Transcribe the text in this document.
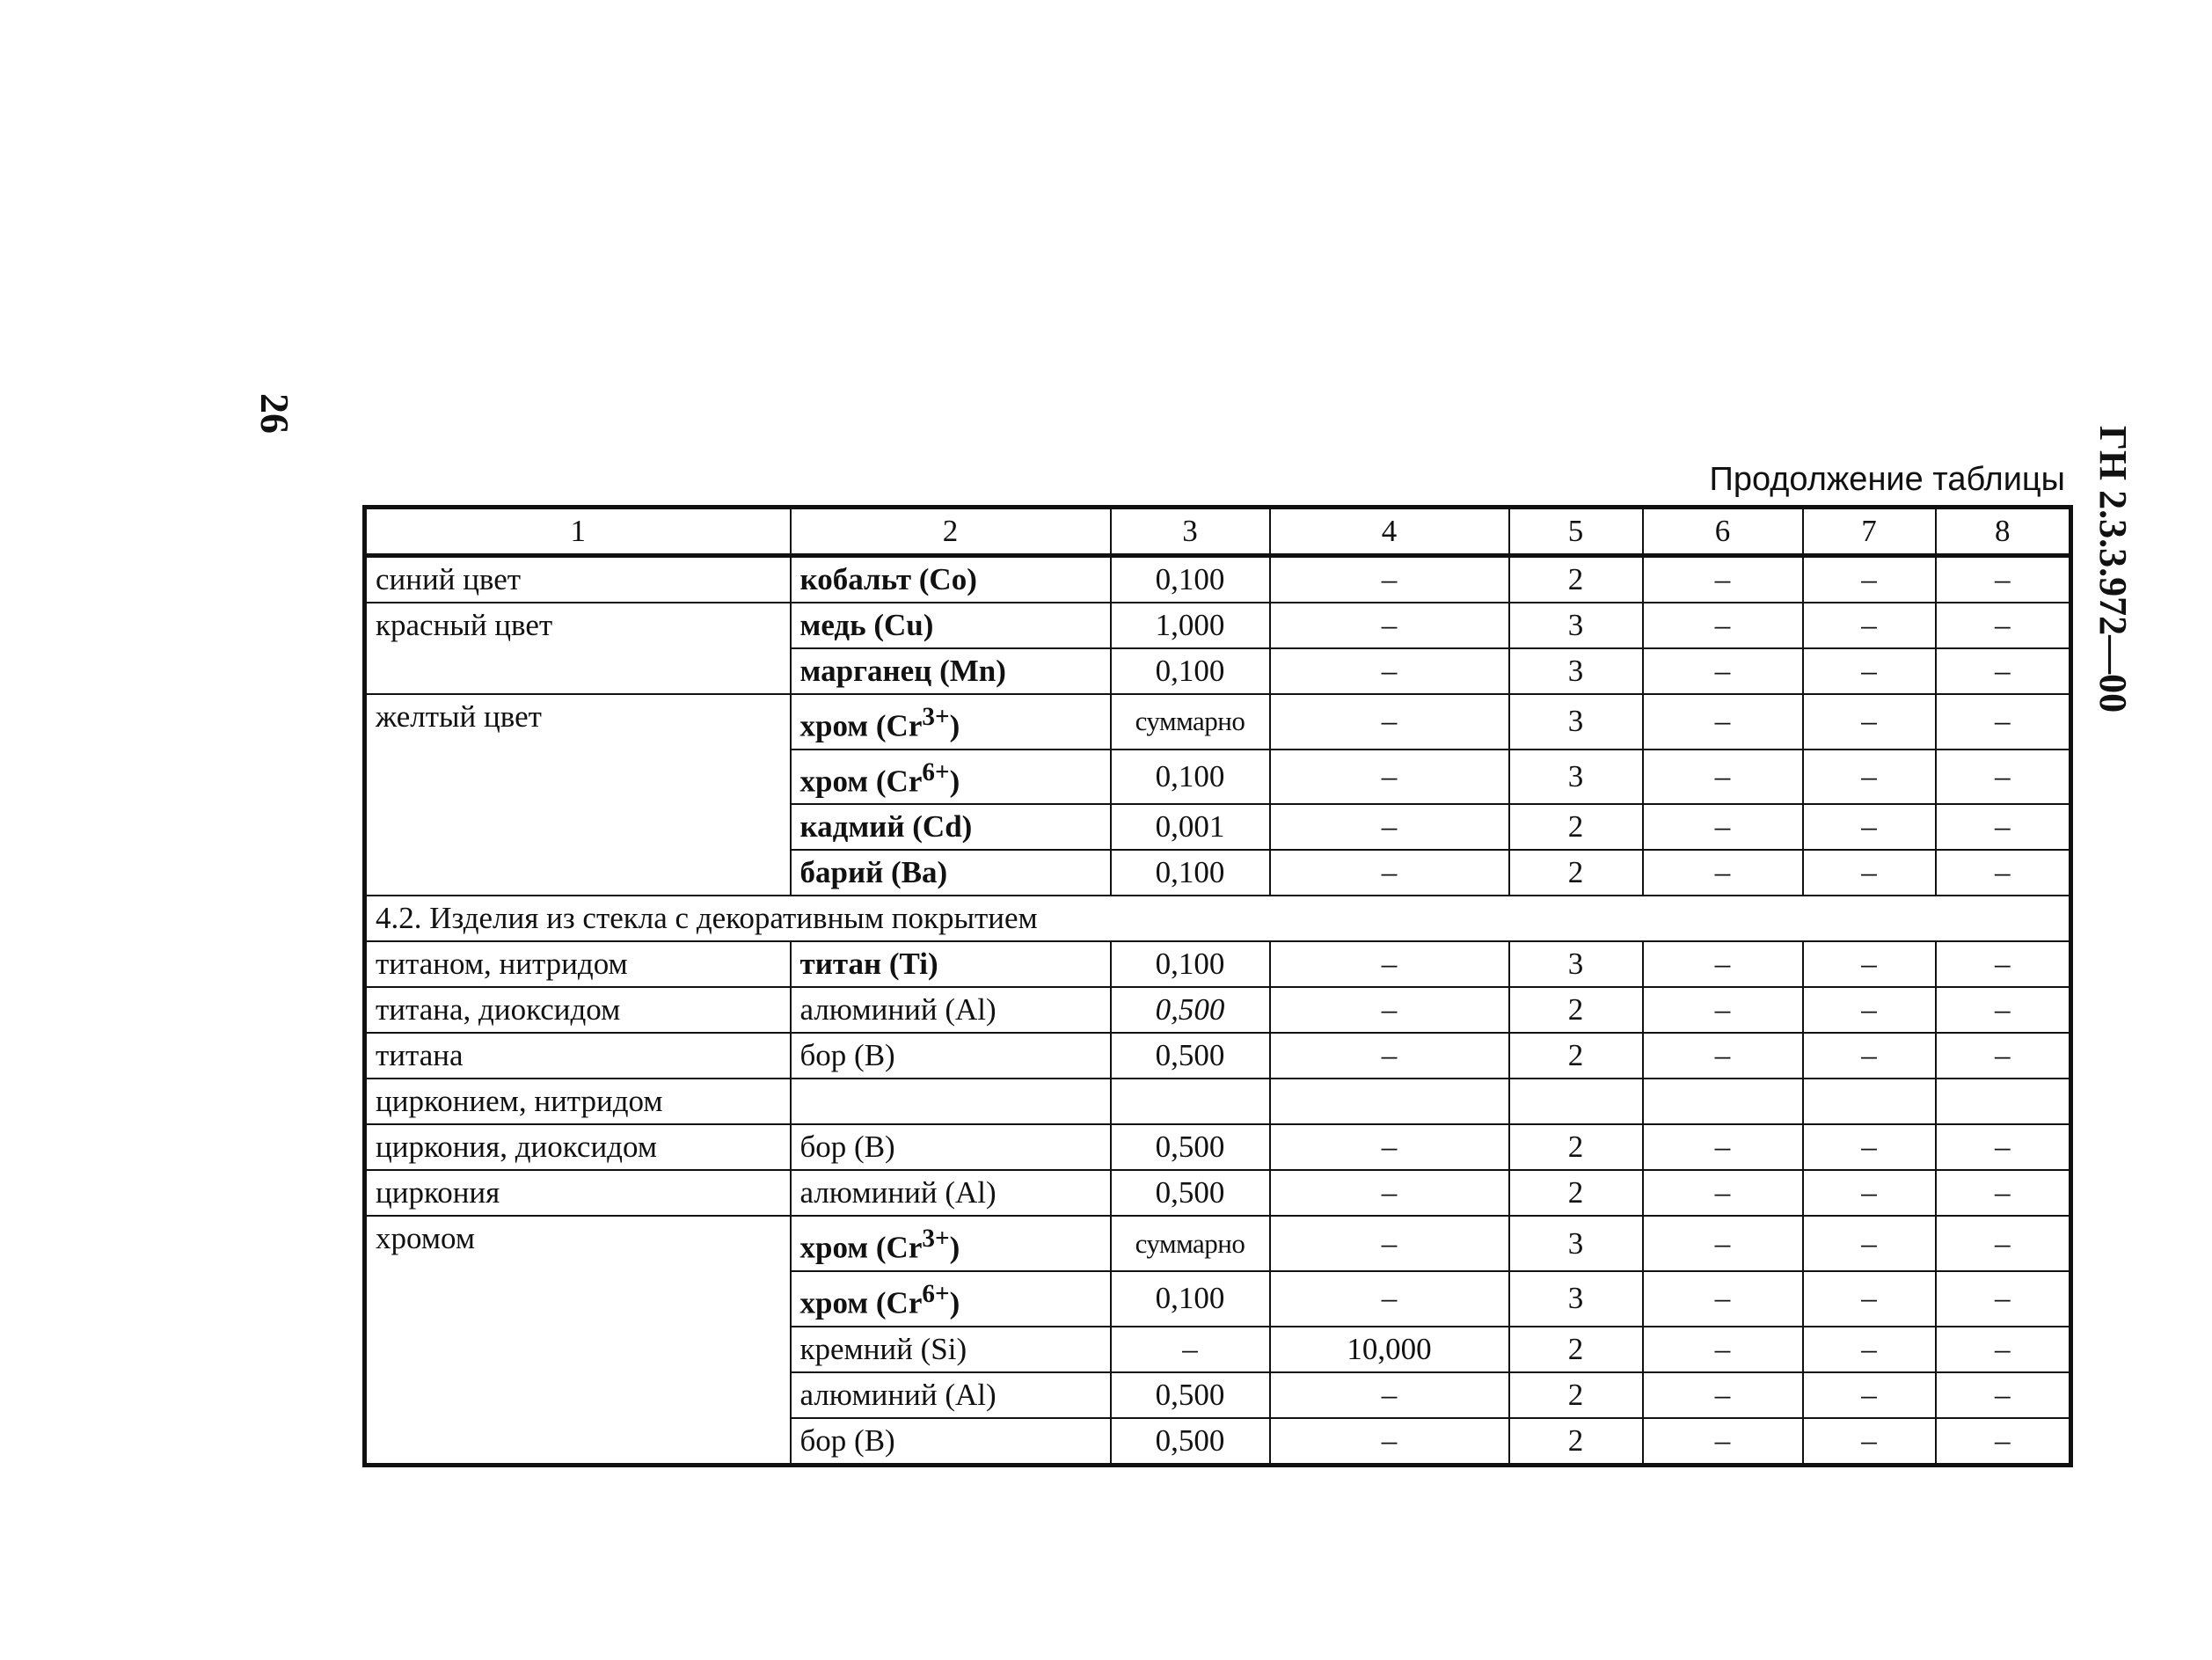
26
ГН 2.3.3.972—00
Продолжение таблицы
1	2	3	4	5	6	7	8
синий цвет	кобальт (Co)	0,100	–	2	–	–	–
красный цвет	медь (Cu)	1,000	–	3	–	–	–
	марганец (Mn)	0,100	–	3	–	–	–
желтый цвет	хром $(Cr^{3+})$	суммарно	–	3	–	–	–
	хром $(Cr^{6+})$	0,100	–	3	–	–	–
	кадмий (Cd)	0,001	–	2	–	–	–
	барий (Ba)	0,100	–	2	–	–	–
4.2. Изделия из стекла с декоративным покрытием							
титаном, нитридом	титан (Ti)	0,100	–	3	–	–	–
титана, диоксидом	алюминий (Al)	0,500	–	2	–	–	–
титана	бор (B)	0,500	–	2	–	–	–
цирконием, нитридом							
циркония, диоксидом	бор (B)	0,500	–	2	–	–	–
циркония	алюминий (Al)	0,500	–	2	–	–	–
хромом	хром $(Cr^{3+})$	суммарно	–	3	–	–	–
	хром $(Cr^{6+})$	0,100	–	3	–	–	–
	кремний (Si)	–	10,000	2	–	–	–
	алюминий (Al)	0,500	–	2	–	–	–
	бор (B)	0,500	–	2	–	–	–
